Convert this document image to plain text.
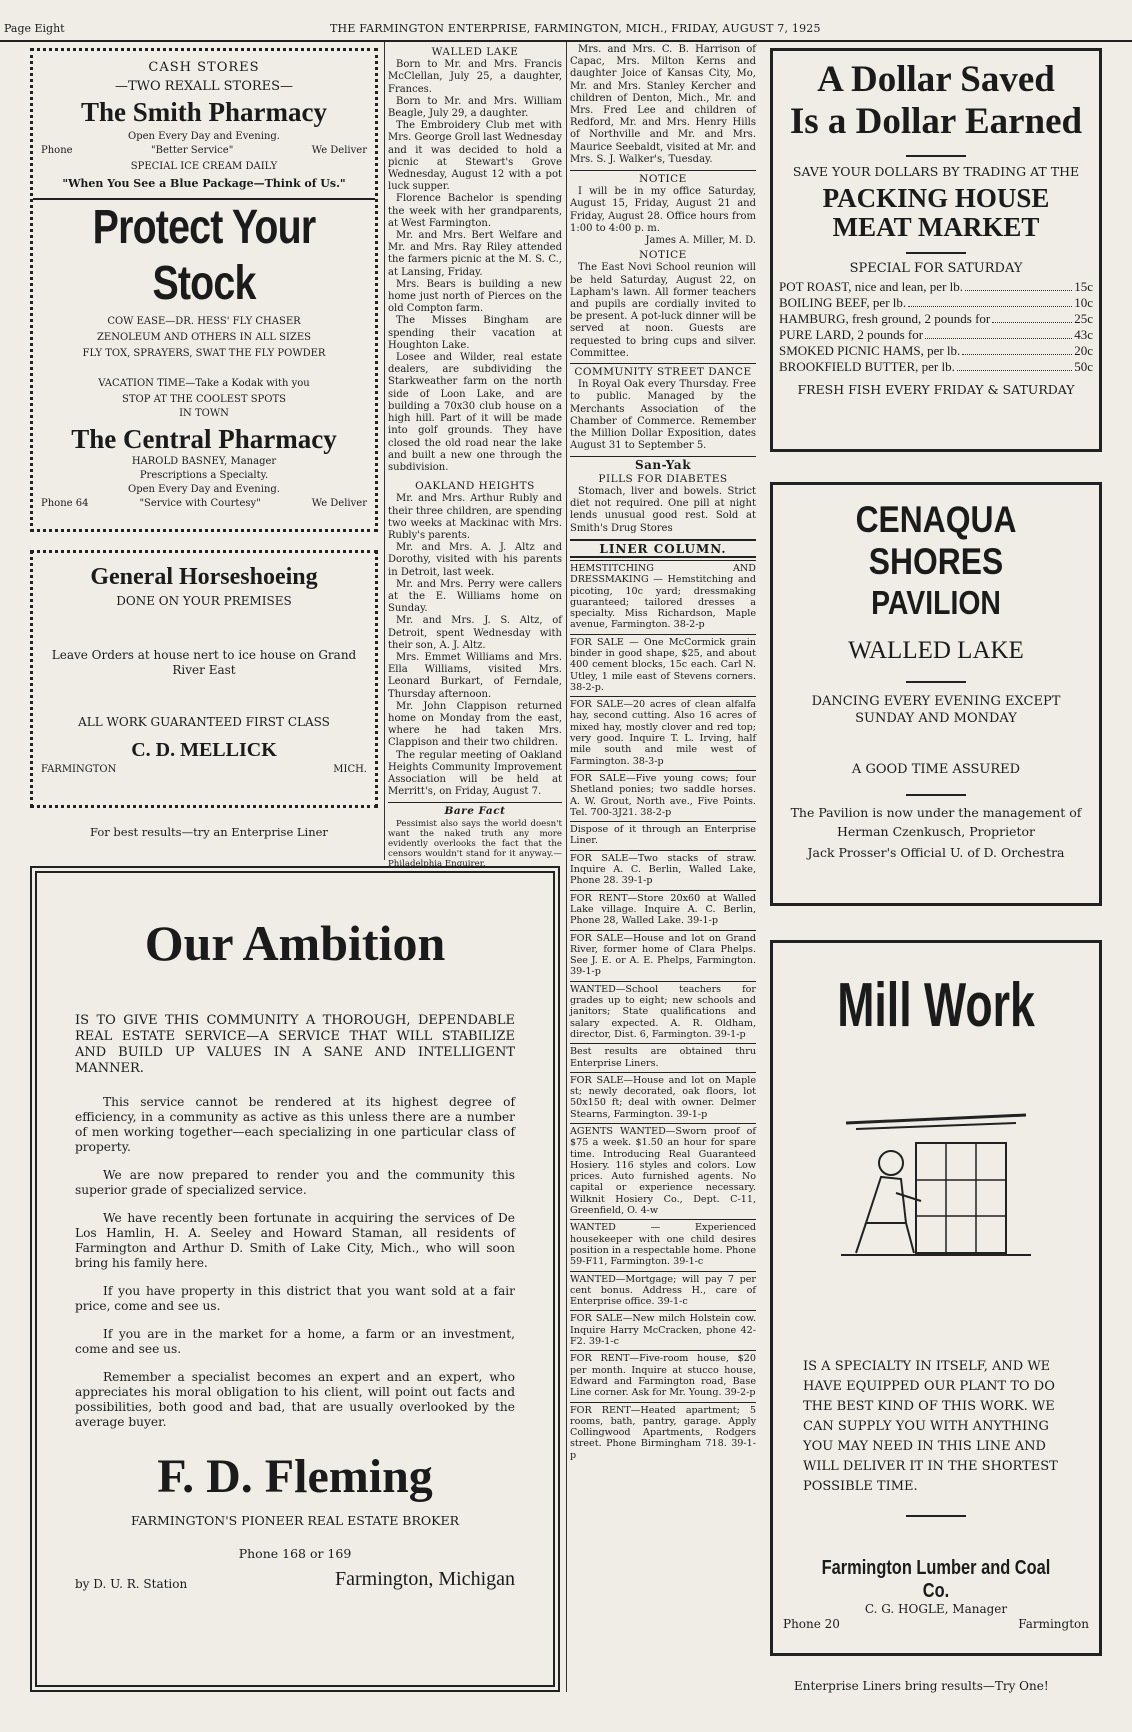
Page Eight	THE FARMINGTON ENTERPRISE, FARMINGTON, MICH., FRIDAY, AUGUST 7, 1925
CASH STORES
—TWO REXALL STORES—
The Smith Pharmacy
Open Every Day and Evening.
Phone	"Better Service"	We Deliver
SPECIAL ICE CREAM DAILY
"When You See a Blue Package—Think of Us."
Protect Your Stock
COW EASE—DR. HESS' FLY CHASER
ZENOLEUM AND OTHERS IN ALL SIZES
FLY TOX, SPRAYERS, SWAT THE FLY POWDER
VACATION TIME—Take a Kodak with you
STOP AT THE COOLEST SPOTS
IN TOWN
The Central Pharmacy
HAROLD BASNEY, Manager
Prescriptions a Specialty.
Open Every Day and Evening.
Phone 64	"Service with Courtesy"	We Deliver
General Horseshoeing
DONE ON YOUR PREMISES
Leave Orders at house nert to ice house on Grand River East
ALL WORK GUARANTEED FIRST CLASS
C. D. MELLICK
FARMINGTON	MICH.
For best results—try an Enterprise Liner
WALLED LAKE

Born to Mr. and Mrs. Francis McClellan, July 25, a daughter, Frances.

Born to Mr. and Mrs. William Beagle, July 29, a daughter.

The Embroidery Club met with Mrs. George Groll last Wednesday and it was decided to hold a picnic at Stewart's Grove Wednesday, August 12 with a pot luck supper.

Florence Bachelor is spending the week with her grandparents, at West Farmington.

Mr. and Mrs. Bert Welfare and Mr. and Mrs. Ray Riley attended the farmers picnic at the M. S. C., at Lansing, Friday.

Mrs. Bears is building a new home just north of Pierces on the old Compton farm.

The Misses Bingham are spending their vacation at Houghton Lake.

Losee and Wilder, real estate dealers, are subdividing the Starkweather farm on the north side of Loon Lake, and are building a 70x30 club house on a high hill. Part of it will be made into golf grounds. They have closed the old road near the lake and built a new one through the subdivision.

OAKLAND HEIGHTS

Mr. and Mrs. Arthur Rubly and their three children, are spending two weeks at Mackinac with Mrs. Rubly's parents.

Mr. and Mrs. A. J. Altz and Dorothy, visited with his parents in Detroit, last week.

Mr. and Mrs. Perry were callers at the E. Williams home on Sunday.

Mr. and Mrs. J. S. Altz, of Detroit, spent Wednesday with their son, A. J. Altz.

Mrs. Emmet Williams and Mrs. Ella Williams, visited Mrs. Leonard Burkart, of Ferndale, Thursday afternoon.

Mr. John Clappison returned home on Monday from the east, where he had taken Mrs. Clappison and their two children.

The regular meeting of Oakland Heights Community Improvement Association will be held at Merritt's, on Friday, August 7.

Bare Fact

Pessimist also says the world doesn't want the naked truth any more evidently overlooks the fact that the censors wouldn't stand for it anyway.—Philadelphia Enquirer.

Mrs. and Mrs. C. B. Harrison of Capac, Mrs. Milton Kerns and daughter Joice of Kansas City, Mo, Mr. and Mrs. Stanley Kercher and children of Denton, Mich., Mr. and Mrs. Fred Lee and children of Redford, Mr. and Mrs. Henry Hills of Northville and Mr. and Mrs. Maurice Seebaldt, visited at Mr. and Mrs. S. J. Walker's, Tuesday.

NOTICE

I will be in my office Saturday, August 15, Friday, August 21 and Friday, August 28. Office hours from 1:00 to 4:00 p. m.

James A. Miller, M. D.
NOTICE

The East Novi School reunion will be held Saturday, August 22, on Lapham's lawn. All former teachers and pupils are cordially invited to be present. A pot-luck dinner will be served at noon. Guests are requested to bring cups and silver. Committee.

COMMUNITY STREET DANCE

In Royal Oak every Thursday. Free to public. Managed by the Merchants Association of the Chamber of Commerce. Remember the Million Dollar Exposition, dates August 31 to September 5.

San-Yak
PILLS FOR DIABETES

Stomach, liver and bowels. Strict diet not required. One pill at night lends unusual good rest. Sold at Smith's Drug Stores

LINER COLUMN.
HEMSTITCHING AND DRESSMAKING — Hemstitching and picoting, 10c yard; dressmaking guaranteed; tailored dresses a specialty. Miss Richardson, Maple avenue, Farmington. 38-2-p
FOR SALE — One McCormick grain binder in good shape, $25, and about 400 cement blocks, 15c each. Carl N. Utley, 1 mile east of Stevens corners. 38-2-p.
FOR SALE—20 acres of clean alfalfa hay, second cutting. Also 16 acres of mixed hay, mostly clover and red top; very good. Inquire T. L. Irving, half mile south and mile west of Farmington. 38-3-p
FOR SALE—Five young cows; four Shetland ponies; two saddle horses. A. W. Grout, North ave., Five Points. Tel. 700-3J21. 38-2-p
Dispose of it through an Enterprise Liner.
FOR SALE—Two stacks of straw. Inquire A. C. Berlin, Walled Lake, Phone 28. 39-1-p
FOR RENT—Store 20x60 at Walled Lake village. Inquire A. C. Berlin, Phone 28, Walled Lake. 39-1-p
FOR SALE—House and lot on Grand River, former home of Clara Phelps. See J. E. or A. E. Phelps, Farmington. 39-1-p
WANTED—School teachers for grades up to eight; new schools and janitors; State qualifications and salary expected. A. R. Oldham, director, Dist. 6, Farmington. 39-1-p
Best results are obtained thru Enterprise Liners.
FOR SALE—House and lot on Maple st; newly decorated, oak floors, lot 50x150 ft; deal with owner. Delmer Stearns, Farmington. 39-1-p
AGENTS WANTED—Sworn proof of $75 a week. $1.50 an hour for spare time. Introducing Real Guaranteed Hosiery. 116 styles and colors. Low prices. Auto furnished agents. No capital or experience necessary. Wilknit Hosiery Co., Dept. C-11, Greenfield, O. 4-w
WANTED — Experienced housekeeper with one child desires position in a respectable home. Phone 59-F11, Farmington. 39-1-c
WANTED—Mortgage; will pay 7 per cent bonus. Address H., care of Enterprise office. 39-1-c
FOR SALE—New milch Holstein cow. Inquire Harry McCracken, phone 42-F2. 39-1-c
FOR RENT—Five-room house, $20 per month. Inquire at stucco house, Edward and Farmington road, Base Line corner. Ask for Mr. Young. 39-2-p
FOR RENT—Heated apartment; 5 rooms, bath, pantry, garage. Apply Collingwood Apartments, Rodgers street. Phone Birmingham 718. 39-1-p
A Dollar Saved
Is a Dollar Earned
SAVE YOUR DOLLARS BY TRADING AT THE
PACKING HOUSE
MEAT MARKET
SPECIAL FOR SATURDAY
POT ROAST, nice and lean, per lb.	15c
BOILING BEEF, per lb.	10c
HAMBURG, fresh ground, 2 pounds for	25c
PURE LARD, 2 pounds for	43c
SMOKED PICNIC HAMS, per lb.	20c
BROOKFIELD BUTTER, per lb.	50c
FRESH FISH EVERY FRIDAY & SATURDAY
CENAQUA SHORES
PAVILION
WALLED LAKE
DANCING EVERY EVENING EXCEPT
SUNDAY AND MONDAY
A GOOD TIME ASSURED
The Pavilion is now under the management of
Herman Czenkusch, Proprietor
Jack Prosser's Official U. of D. Orchestra
Our Ambition
IS TO GIVE THIS COMMUNITY A THOROUGH, DEPENDABLE REAL ESTATE SERVICE—A SERVICE THAT WILL STABILIZE AND BUILD UP VALUES IN A SANE AND INTELLIGENT MANNER.

This service cannot be rendered at its highest degree of efficiency, in a community as active as this unless there are a number of men working together—each specializing in one particular class of property.

We are now prepared to render you and the community this superior grade of specialized service.

We have recently been fortunate in acquiring the services of De Los Hamlin, H. A. Seeley and Howard Staman, all residents of Farmington and Arthur D. Smith of Lake City, Mich., who will soon bring his family here.

If you have property in this district that you want sold at a fair price, come and see us.

If you are in the market for a home, a farm or an investment, come and see us.

Remember a specialist becomes an expert and an expert, who appreciates his moral obligation to his client, will point out facts and possibilities, both good and bad, that are usually overlooked by the average buyer.

F. D. Fleming
FARMINGTON'S PIONEER REAL ESTATE BROKER
Phone 168 or 169
by D. U. R. Station	Farmington, Michigan
Mill Work
IS A SPECIALTY IN ITSELF, AND WE HAVE EQUIPPED OUR PLANT TO DO THE BEST KIND OF THIS WORK. WE CAN SUPPLY YOU WITH ANYTHING YOU MAY NEED IN THIS LINE AND WILL DELIVER IT IN THE SHORTEST POSSIBLE TIME.
Farmington Lumber and Coal Co.
C. G. HOGLE, Manager
Phone 20	Farmington
Enterprise Liners bring results—Try One!
